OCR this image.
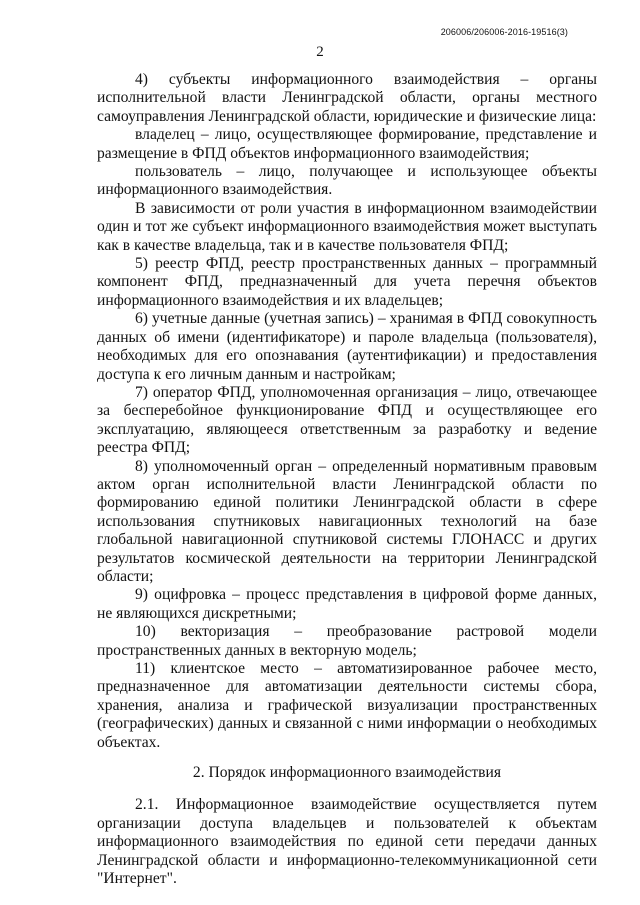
206006/206006-2016-19516(3)
2

4) субъекты информационного взаимодействия – органы исполнительной власти Ленинградской области, органы местного самоуправления Ленинградской области, юридические и физические лица:

владелец – лицо, осуществляющее формирование, представление и размещение в ФПД объектов информационного взаимодействия;

пользователь – лицо, получающее и использующее объекты информационного взаимодействия.

В зависимости от роли участия в информационном взаимодействии один и тот же субъект информационного взаимодействия может выступать как в качестве владельца, так и в качестве пользователя ФПД;

5) реестр ФПД, реестр пространственных данных – программный компонент ФПД, предназначенный для учета перечня объектов информационного взаимодействия и их владельцев;

6) учетные данные (учетная запись) – хранимая в ФПД совокупность данных об имени (идентификаторе) и пароле владельца (пользователя), необходимых для его опознавания (аутентификации) и предоставления доступа к его личным данным и настройкам;

7) оператор ФПД, уполномоченная организация – лицо, отвечающее за бесперебойное функционирование ФПД и осуществляющее его эксплуатацию, являющееся ответственным за разработку и ведение реестра ФПД;

8) уполномоченный орган – определенный нормативным правовым актом орган исполнительной власти Ленинградской области по формированию единой политики Ленинградской области в сфере использования спутниковых навигационных технологий на базе глобальной навигационной спутниковой системы ГЛОНАСС и других результатов космической деятельности на территории Ленинградской области;

9) оцифровка – процесс представления в цифровой форме данных, не являющихся дискретными;

10) векторизация – преобразование растровой модели пространственных данных в векторную модель;

11) клиентское место – автоматизированное рабочее место, предназначенное для автоматизации деятельности системы сбора, хранения, анализа и графической визуализации пространственных (географических) данных и связанной с ними информации о необходимых объектах.

2. Порядок информационного взаимодействия

2.1. Информационное взаимодействие осуществляется путем организации доступа владельцев и пользователей к объектам информационного взаимодействия по единой сети передачи данных Ленинградской области и информационно-телекоммуникационной сети "Интернет".
